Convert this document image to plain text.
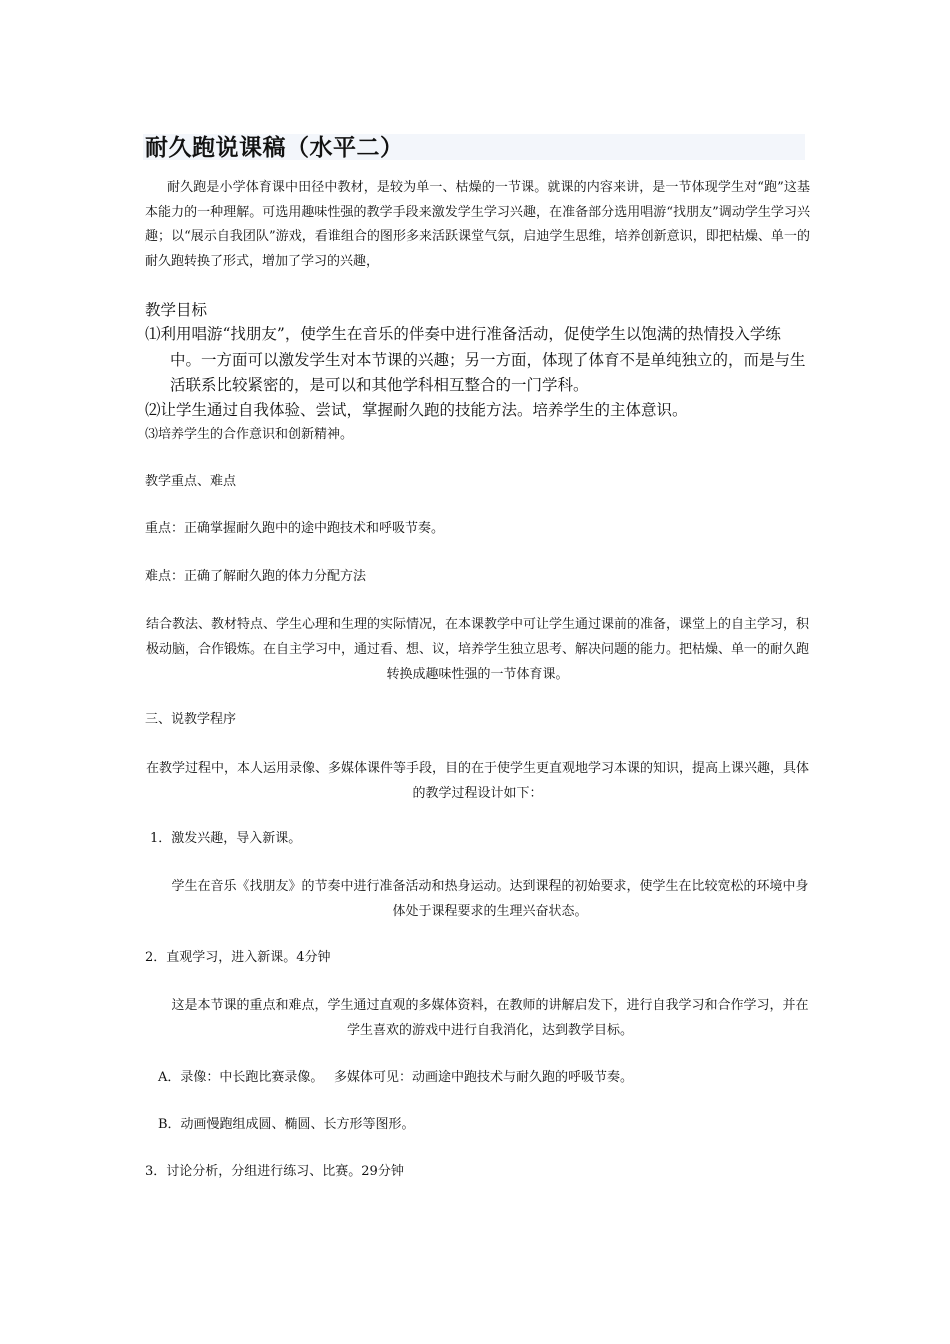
耐久跑说课稿（水平二）
耐久跑是小学体育课中田径中教材，是较为单一、枯燥的一节课。就课的内容来讲，是一节体现学生对“跑”这基本能力的一种理解。可选用趣味性强的教学手段来激发学生学习兴趣，在准备部分选用唱游“找朋友”调动学生学习兴趣；以“展示自我团队”游戏，看谁组合的图形多来活跃课堂气氛，启迪学生思维，培养创新意识，即把枯燥、单一的耐久跑转换了形式，增加了学习的兴趣，
教学目标
⑴利用唱游“找朋友”，使学生在音乐的伴奏中进行准备活动，促使学生以饱满的热情投入学练中。一方面可以激发学生对本节课的兴趣；另一方面，体现了体育不是单纯独立的，而是与生活联系比较紧密的，是可以和其他学科相互整合的一门学科。
⑵让学生通过自我体验、尝试，掌握耐久跑的技能方法。培养学生的主体意识。
⑶培养学生的合作意识和创新精神。
教学重点、难点
重点：正确掌握耐久跑中的途中跑技术和呼吸节奏。
难点：正确了解耐久跑的体力分配方法
结合教法、教材特点、学生心理和生理的实际情况，在本课教学中可让学生通过课前的准备，课堂上的自主学习，积极动脑，合作锻炼。在自主学习中，通过看、想、议，培养学生独立思考、解决问题的能力。把枯燥、单一的耐久跑转换成趣味性强的一节体育课。
三、说教学程序
在教学过程中，本人运用录像、多媒体课件等手段，目的在于使学生更直观地学习本课的知识，提高上课兴趣，具体的教学过程设计如下：
1．激发兴趣，导入新课。
学生在音乐《找朋友》的节奏中进行准备活动和热身运动。达到课程的初始要求，使学生在比较宽松的环境中身体处于课程要求的生理兴奋状态。
2．直观学习，进入新课。4分钟
这是本节课的重点和难点，学生通过直观的多媒体资料，在教师的讲解启发下，进行自我学习和合作学习，并在学生喜欢的游戏中进行自我消化，达到教学目标。
A．录像：中长跑比赛录像。　 多媒体可见：动画途中跑技术与耐久跑的呼吸节奏。
B．动画慢跑组成圆、椭圆、长方形等图形。
3．讨论分析，分组进行练习、比赛。29分钟
